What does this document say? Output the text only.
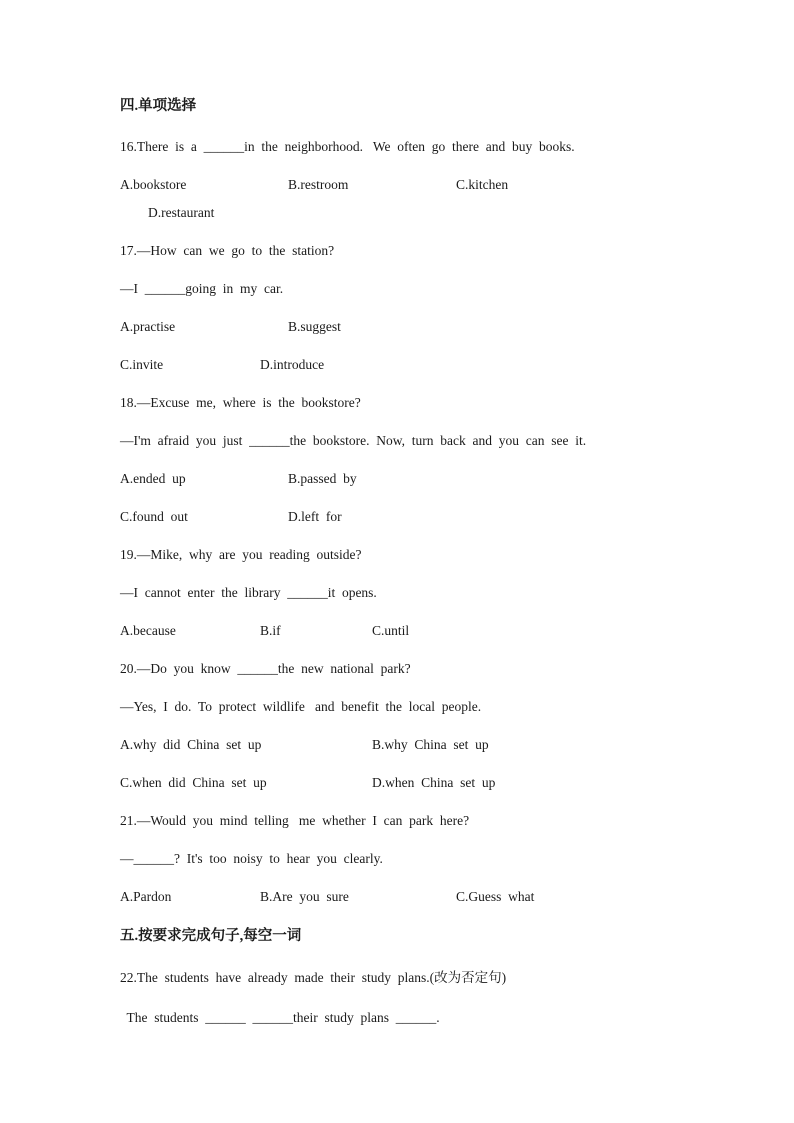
四.单项选择
16.There  is  a  ______in  the  neighborhood.   We  often  go  there  and  buy  books.
A.bookstore	B.restroom	C.kitchen
D.restaurant
17.—How  can  we  go  to  the  station?
—I  ______going  in  my  car.
A.practise	B.suggest
C.invite	D.introduce
18.—Excuse  me,  where  is  the  bookstore?
—I'm  afraid  you  just  ______the  bookstore.  Now,  turn  back  and  you  can  see  it.
A.ended  up	B.passed  by
C.found  out	D.left  for
19.—Mike,  why  are  you  reading  outside?
—I  cannot  enter  the  library  ______it  opens.
A.because	B.if	C.until
20.—Do  you  know  ______the  new  national  park?
—Yes,  I  do.  To  protect  wildlife   and  benefit  the  local  people.
A.why  did  China  set  up	B.why  China  set  up
C.when  did  China  set  up	D.when  China  set  up
21.—Would  you  mind  telling   me  whether  I  can  park  here?
—______?  It's  too  noisy  to  hear  you  clearly.
A.Pardon	B.Are  you  sure	C.Guess  what
五.按要求完成句子,每空一词
22.The  students  have  already  made  their  study  plans.(改为否定句)
The  students  ______  ______their  study  plans  ______.
